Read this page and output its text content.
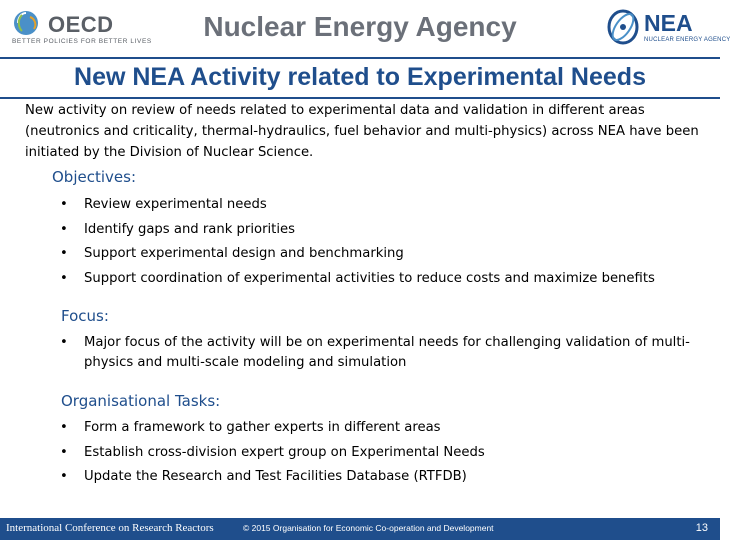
OECD
BETTER POLICIES FOR BETTER LIVES	Nuclear Energy Agency	NEA
NUCLEAR ENERGY AGENCY
New NEA Activity related to Experimental Needs
New activity on review of needs related to experimental data and validation in different areas (neutronics and criticality, thermal-hydraulics, fuel behavior and multi-physics) across NEA have been initiated by the Division of Nuclear Science.
Objectives:
• Review experimental needs
• Identify gaps and rank priorities
• Support experimental design and benchmarking
• Support coordination of experimental activities to reduce costs and maximize benefits
Focus:
• Major focus of the activity will be on experimental needs for challenging validation of multi-physics and multi-scale modeling and simulation
Organisational Tasks:
• Form a framework to gather experts in different areas
• Establish cross-division expert group on Experimental Needs
• Update the Research and Test Facilities Database (RTFDB)
International Conference on Research Reactors	© 2015 Organisation for Economic Co-operation and Development	13
